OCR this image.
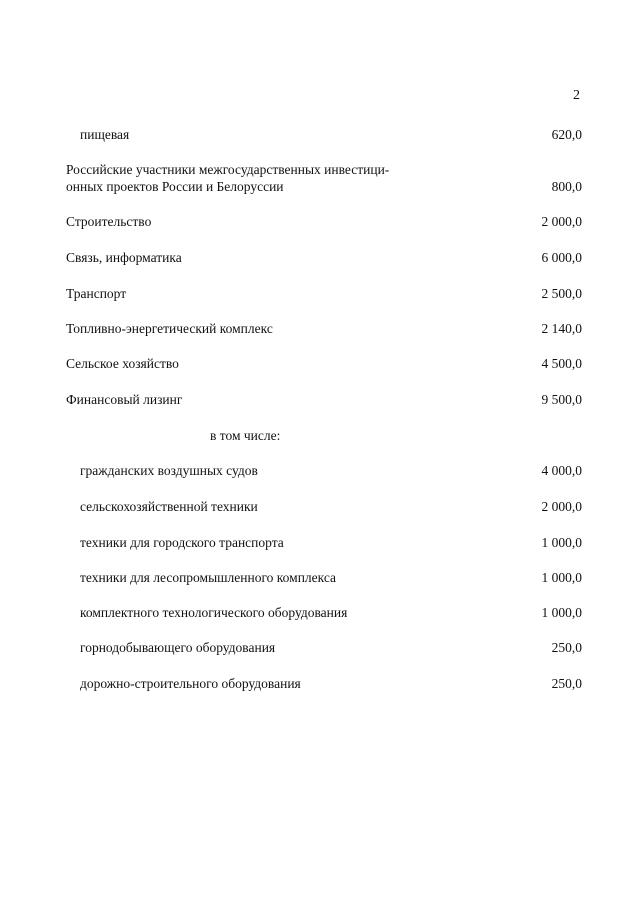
2
пищевая	620,0
Российские участники межгосударственных инвестици-
онных проектов России и Белоруссии	800,0
Строительство	2 000,0
Связь, информатика	6 000,0
Транспорт	2 500,0
Топливно-энергетический комплекс	2 140,0
Сельское хозяйство	4 500,0
Финансовый лизинг	9 500,0
в том числе:
гражданских воздушных судов	4 000,0
сельскохозяйственной техники	2 000,0
техники для городского транспорта	1 000,0
техники для лесопромышленного комплекса	1 000,0
комплектного технологического оборудования	1 000,0
горнодобывающего оборудования	250,0
дорожно-строительного оборудования	250,0
